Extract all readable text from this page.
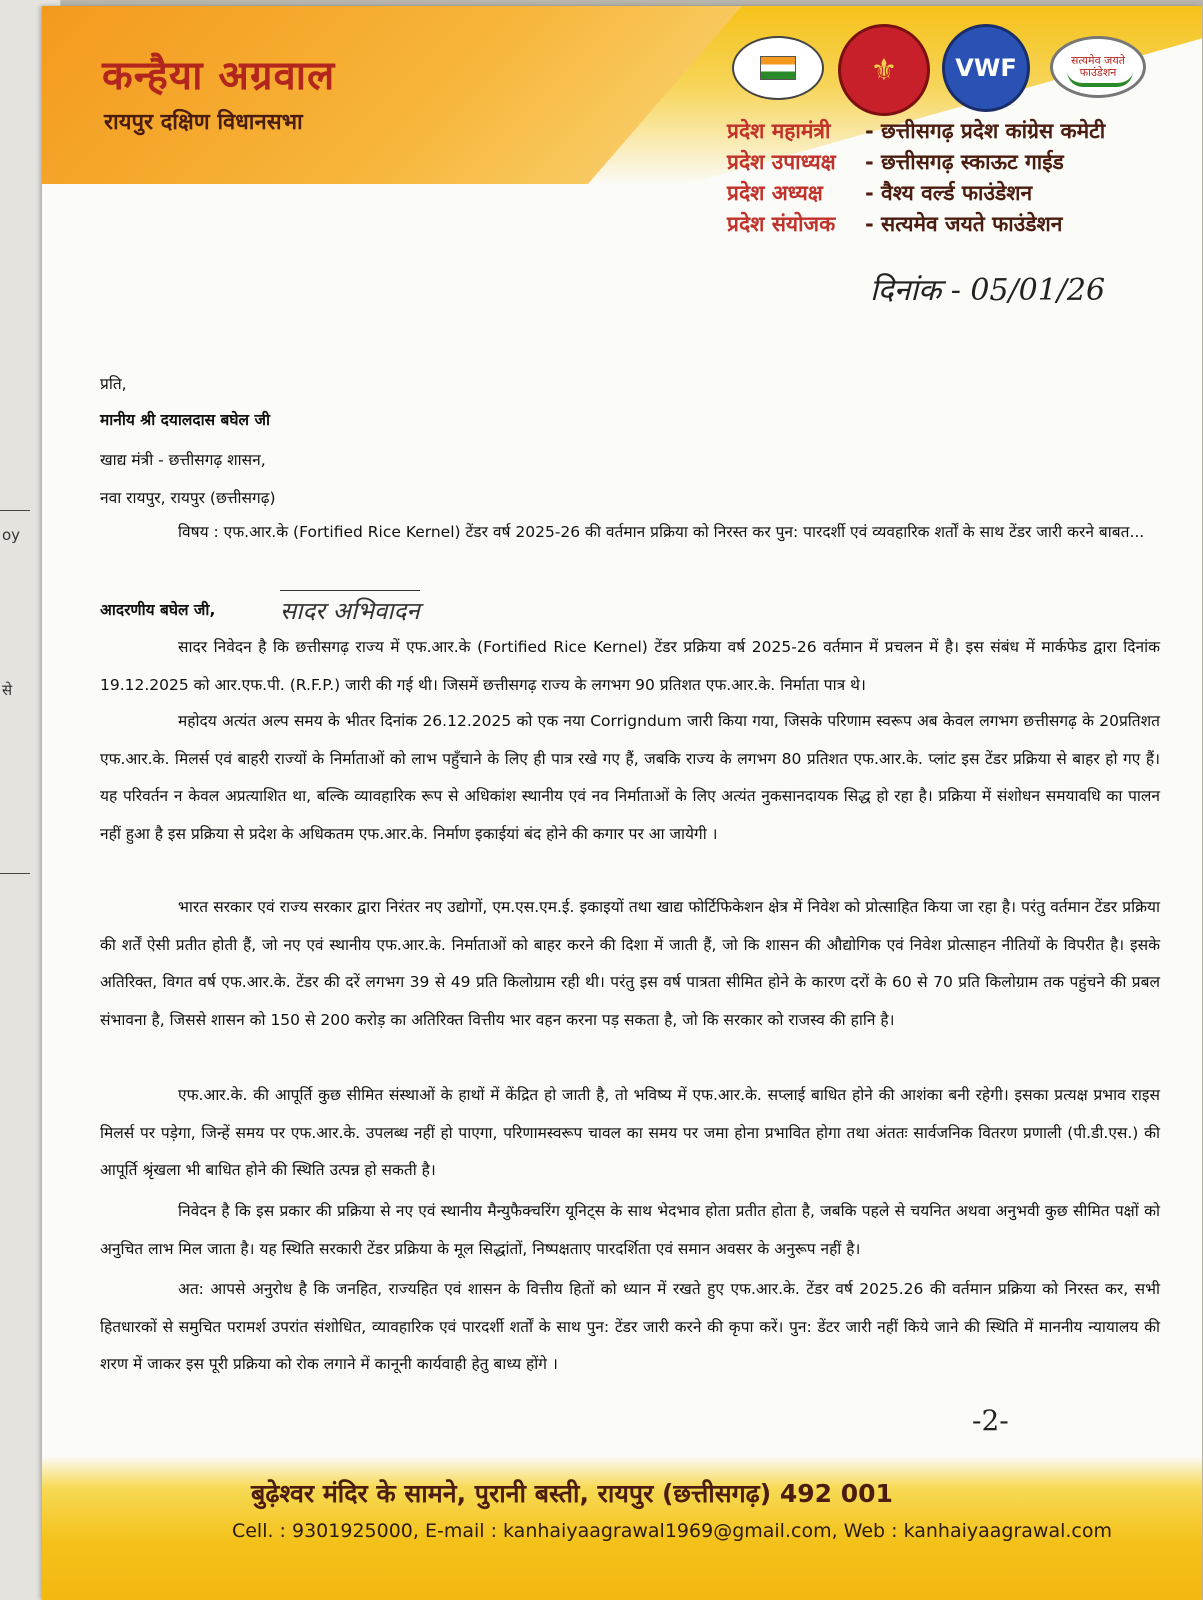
oy
से
कन्हैया अग्रवाल
रायपुर दक्षिण विधानसभा
⚜	VWF	सत्यमेव जयते फाउंडेशन
प्रदेश महामंत्री - छत्तीसगढ़ प्रदेश कांग्रेस कमेटी
प्रदेश उपाध्यक्ष - छत्तीसगढ़ स्काऊट गाईड
प्रदेश अध्यक्ष - वैश्य वर्ल्ड फाउंडेशन
प्रदेश संयोजक - सत्यमेव जयते फाउंडेशन
दिनांक - 05/01/26
प्रति,
मानीय श्री दयालदास बघेल जी
खाद्य मंत्री - छत्तीसगढ़ शासन,
नवा रायपुर, रायपुर (छत्तीसगढ़)
विषय : एफ.आर.के (Fortified Rice Kernel) टेंडर वर्ष 2025-26 की वर्तमान प्रक्रिया को निरस्त कर पुन: पारदर्शी एवं व्यवहारिक शर्तों के साथ टेंडर जारी करने बाबत...
आदरणीय बघेल जी,
सादर निवेदन है कि छत्तीसगढ़ राज्य में एफ.आर.के (Fortified Rice Kernel) टेंडर प्रक्रिया वर्ष 2025-26 वर्तमान में प्रचलन में है। इस संबंध में मार्कफेड द्वारा दिनांक 19.12.2025 को आर.एफ.पी. (R.F.P.) जारी की गई थी। जिसमें छत्तीसगढ़ राज्य के लगभग 90 प्रतिशत एफ.आर.के. निर्माता पात्र थे।
महोदय अत्यंत अल्प समय के भीतर दिनांक 26.12.2025 को एक नया Corrigndum जारी किया गया, जिसके परिणाम स्वरूप अब केवल लगभग छत्तीसगढ़ के 20प्रतिशत एफ.आर.के. मिलर्स एवं बाहरी राज्यों के निर्माताओं को लाभ पहुँचाने के लिए ही पात्र रखे गए हैं, जबकि राज्य के लगभग 80 प्रतिशत एफ.आर.के. प्लांट इस टेंडर प्रक्रिया से बाहर हो गए हैं। यह परिवर्तन न केवल अप्रत्याशित था, बल्कि व्यावहारिक रूप से अधिकांश स्थानीय एवं नव निर्माताओं के लिए अत्यंत नुकसानदायक सिद्ध हो रहा है। प्रक्रिया में संशोधन समयावधि का पालन नहीं हुआ है इस प्रक्रिया से प्रदेश के अधिकतम एफ.आर.के. निर्माण इकाईयां बंद होने की कगार पर आ जायेगी ।
भारत सरकार एवं राज्य सरकार द्वारा निरंतर नए उद्योगों, एम.एस.एम.ई. इकाइयों तथा खाद्य फोर्टिफिकेशन क्षेत्र में निवेश को प्रोत्साहित किया जा रहा है। परंतु वर्तमान टेंडर प्रक्रिया की शर्तें ऐसी प्रतीत होती हैं, जो नए एवं स्थानीय एफ.आर.के. निर्माताओं को बाहर करने की दिशा में जाती हैं, जो कि शासन की औद्योगिक एवं निवेश प्रोत्साहन नीतियों के विपरीत है। इसके अतिरिक्त, विगत वर्ष एफ.आर.के. टेंडर की दरें लगभग 39 से 49 प्रति किलोग्राम रही थी। परंतु इस वर्ष पात्रता सीमित होने के कारण दरों के 60 से 70 प्रति किलोग्राम तक पहुंचने की प्रबल संभावना है, जिससे शासन को 150 से 200 करोड़ का अतिरिक्त वित्तीय भार वहन करना पड़ सकता है, जो कि सरकार को राजस्व की हानि है।
एफ.आर.के. की आपूर्ति कुछ सीमित संस्थाओं के हाथों में केंद्रित हो जाती है, तो भविष्य में एफ.आर.के. सप्लाई बाधित होने की आशंका बनी रहेगी। इसका प्रत्यक्ष प्रभाव राइस मिलर्स पर पड़ेगा, जिन्हें समय पर एफ.आर.के. उपलब्ध नहीं हो पाएगा, परिणामस्वरूप चावल का समय पर जमा होना प्रभावित होगा तथा अंततः सार्वजनिक वितरण प्रणाली (पी.डी.एस.) की आपूर्ति श्रृंखला भी बाधित होने की स्थिति उत्पन्न हो सकती है।
निवेदन है कि इस प्रकार की प्रक्रिया से नए एवं स्थानीय मैन्युफैक्चरिंग यूनिट्स के साथ भेदभाव होता प्रतीत होता है, जबकि पहले से चयनित अथवा अनुभवी कुछ सीमित पक्षों को अनुचित लाभ मिल जाता है। यह स्थिति सरकारी टेंडर प्रक्रिया के मूल सिद्धांतों, निष्पक्षताए पारदर्शिता एवं समान अवसर के अनुरूप नहीं है।
अत: आपसे अनुरोध है कि जनहित, राज्यहित एवं शासन के वित्तीय हितों को ध्यान में रखते हुए एफ.आर.के. टेंडर वर्ष 2025.26 की वर्तमान प्रक्रिया को निरस्त कर, सभी हितधारकों से समुचित परामर्श उपरांत संशोधित, व्यावहारिक एवं पारदर्शी शर्तों के साथ पुन: टेंडर जारी करने की कृपा करें। पुन: डेंटर जारी नहीं किये जाने की स्थिति में माननीय न्यायालय की शरण में जाकर इस पूरी प्रक्रिया को रोक लगाने में कानूनी कार्यवाही हेतु बाध्य होंगे ।
सादर अभिवादन
-2-
बुढ़ेश्वर मंदिर के सामने, पुरानी बस्ती, रायपुर (छत्तीसगढ़) 492 001
Cell. : 9301925000, E-mail : kanhaiyaagrawal1969@gmail.com, Web : kanhaiyaagrawal.com
